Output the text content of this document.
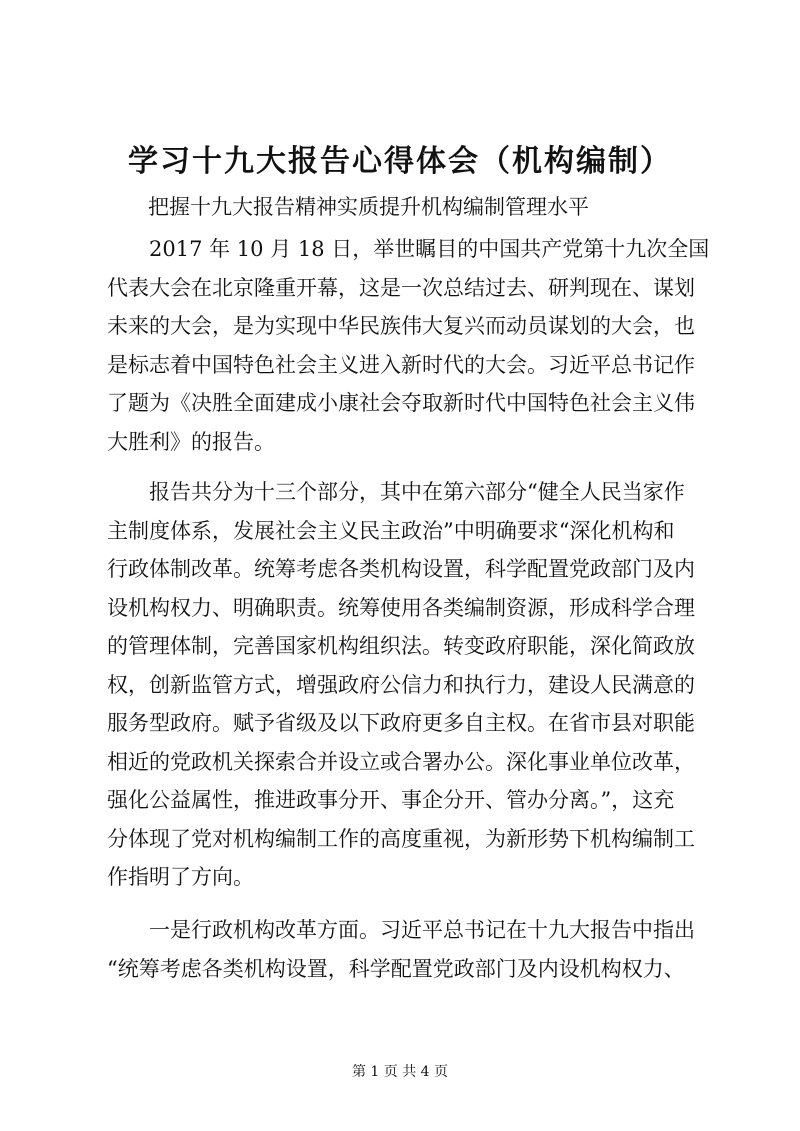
学习十九大报告心得体会（机构编制）

把握十九大报告精神实质提升机构编制管理水平

2017 年 10 月 18 日，举世瞩目的中国共产党第十九次全国
代表大会在北京隆重开幕，这是一次总结过去、研判现在、谋划
未来的大会，是为实现中华民族伟大复兴而动员谋划的大会，也
是标志着中国特色社会主义进入新时代的大会。习近平总书记作
了题为《决胜全面建成小康社会夺取新时代中国特色社会主义伟
大胜利》的报告。
报告共分为十三个部分，其中在第六部分“健全人民当家作
主制度体系，发展社会主义民主政治”中明确要求“深化机构和
行政体制改革。统筹考虑各类机构设置，科学配置党政部门及内
设机构权力、明确职责。统筹使用各类编制资源，形成科学合理
的管理体制，完善国家机构组织法。转变政府职能，深化简政放
权，创新监管方式，增强政府公信力和执行力，建设人民满意的
服务型政府。赋予省级及以下政府更多自主权。在省市县对职能
相近的党政机关探索合并设立或合署办公。深化事业单位改革，
强化公益属性，推进政事分开、事企分开、管办分离。”，这充
分体现了党对机构编制工作的高度重视，为新形势下机构编制工
作指明了方向。
一是行政机构改革方面。习近平总书记在十九大报告中指出
“统筹考虑各类机构设置，科学配置党政部门及内设机构权力、

第 1 页 共 4 页
